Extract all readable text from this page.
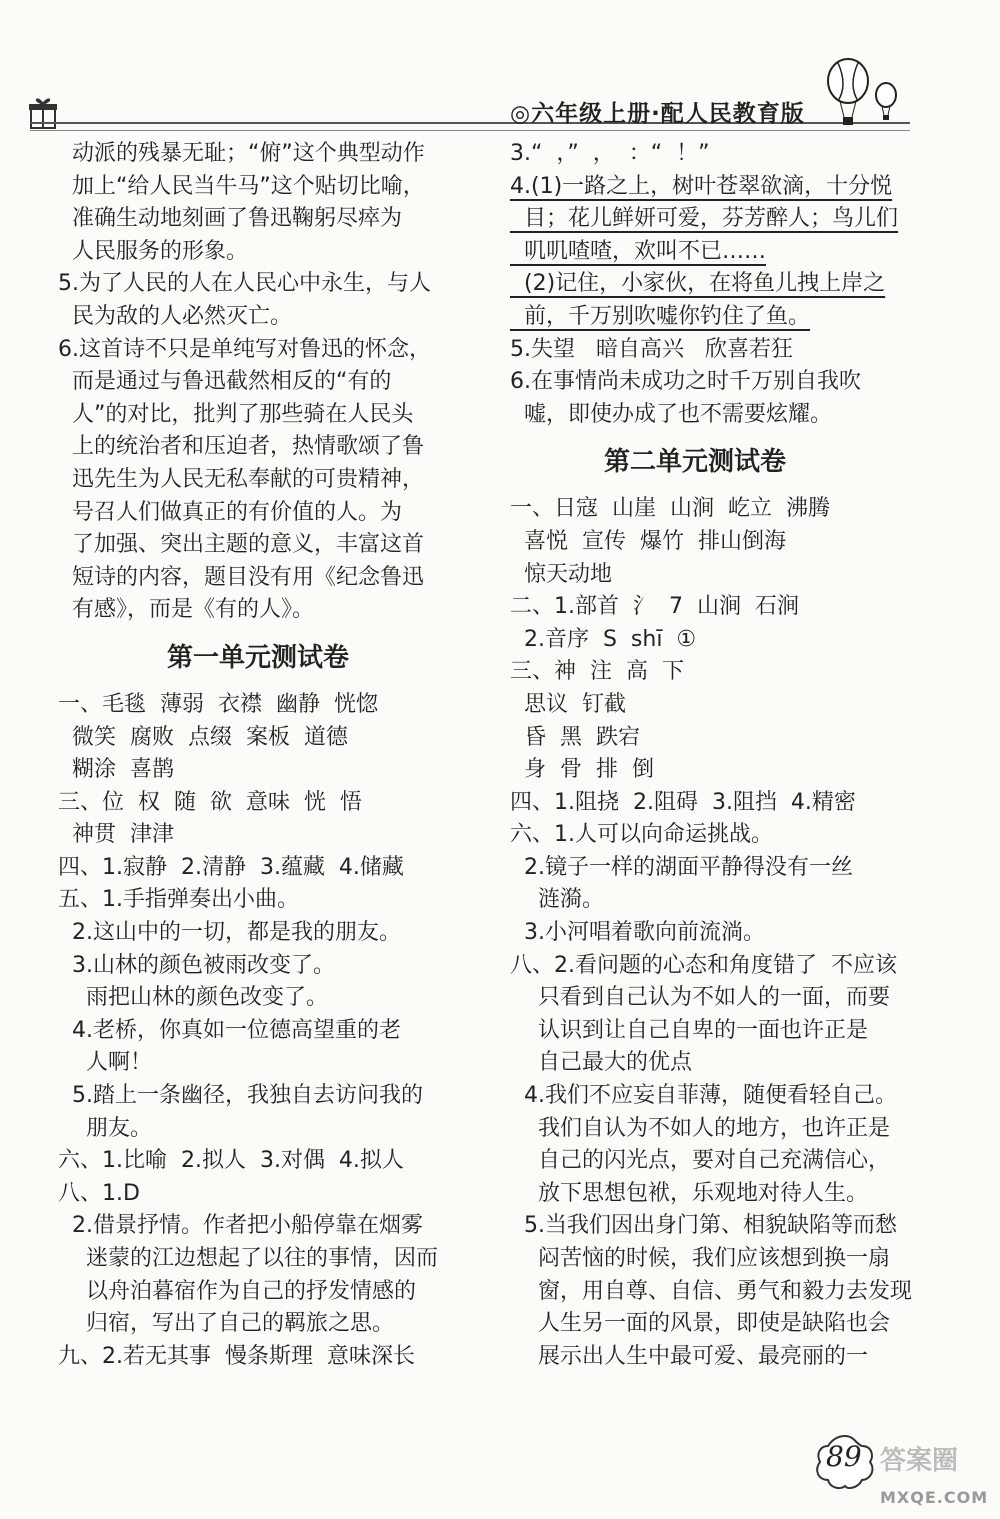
◎六年级上册·配人民教育版
动派的残暴无耻；“俯”这个典型动作
加上“给人民当牛马”这个贴切比喻，
准确生动地刻画了鲁迅鞠躬尽瘁为
人民服务的形象。
5.为了人民的人在人民心中永生，与人
民为敌的人必然灭亡。
6.这首诗不只是单纯写对鲁迅的怀念，
而是通过与鲁迅截然相反的“有的
人”的对比，批判了那些骑在人民头
上的统治者和压迫者，热情歌颂了鲁
迅先生为人民无私奉献的可贵精神，
号召人们做真正的有价值的人。为
了加强、突出主题的意义，丰富这首
短诗的内容，题目没有用《纪念鲁迅
有感》，而是《有的人》。
第一单元测试卷
一、毛毯  薄弱  衣襟  幽静  恍惚
微笑  腐败  点缀  案板  道德
糊涂  喜鹊
三、位  权  随  欲  意味  恍  悟
神贯  津津
四、1.寂静  2.清静  3.蕴藏  4.储藏
五、1.手指弹奏出小曲。
2.这山中的一切，都是我的朋友。
3.山林的颜色被雨改变了。
雨把山林的颜色改变了。
4.老桥，你真如一位德高望重的老
人啊！
5.踏上一条幽径，我独自去访问我的
朋友。
六、1.比喻  2.拟人  3.对偶  4.拟人
八、1.D
2.借景抒情。作者把小船停靠在烟雾
迷蒙的江边想起了以往的事情，因而
以舟泊暮宿作为自己的抒发情感的
归宿，写出了自己的羁旅之思。
九、2.若无其事  慢条斯理  意味深长
3.“  ，”  ，  ：“  ！”
4.(1)一路之上，树叶苍翠欲滴，十分悦
目；花儿鲜妍可爱，芬芳醉人；鸟儿们
叽叽喳喳，欢叫不已……
(2)记住，小家伙，在将鱼儿拽上岸之
前，千万别吹嘘你钓住了鱼。
5.失望   暗自高兴   欣喜若狂
6.在事情尚未成功之时千万别自我吹
嘘，即使办成了也不需要炫耀。
第二单元测试卷
一、日寇  山崖  山涧  屹立  沸腾
喜悦  宣传  爆竹  排山倒海
惊天动地
二、1.部首  氵  7  山涧  石涧
2.音序  S  shī  ①
三、神  注  高  下
思议  钉截
昏  黑  跌宕
身  骨  排  倒
四、1.阻挠  2.阻碍  3.阻挡  4.精密
六、1.人可以向命运挑战。
2.镜子一样的湖面平静得没有一丝
涟漪。
3.小河唱着歌向前流淌。
八、2.看问题的心态和角度错了  不应该
只看到自己认为不如人的一面，而要
认识到让自己自卑的一面也许正是
自己最大的优点
4.我们不应妄自菲薄，随便看轻自己。
我们自认为不如人的地方，也许正是
自己的闪光点，要对自己充满信心，
放下思想包袱，乐观地对待人生。
5.当我们因出身门第、相貌缺陷等而愁
闷苦恼的时候，我们应该想到换一扇
窗，用自尊、自信、勇气和毅力去发现
人生另一面的风景，即使是缺陷也会
展示出人生中最可爱、最亮丽的一
89 答案圈
MXQE.COM
